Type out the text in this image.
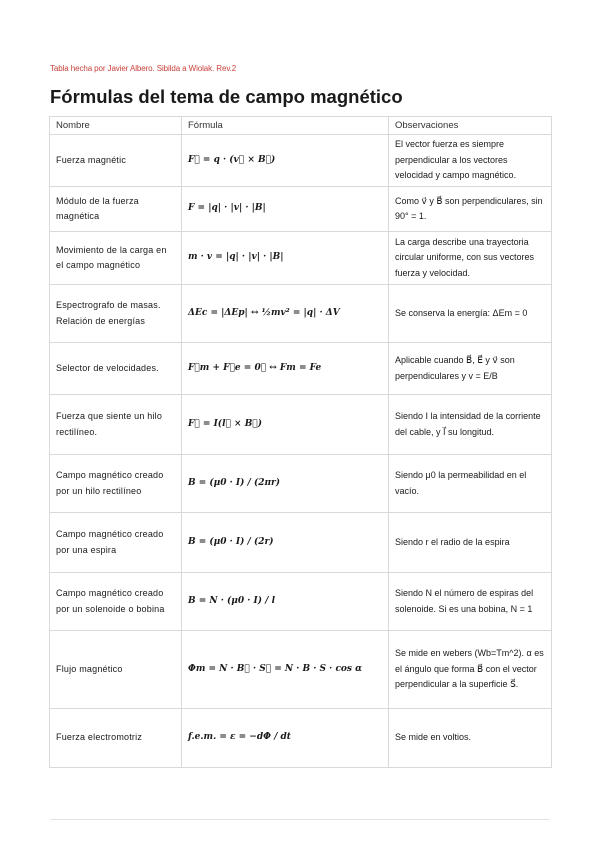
Tabla hecha por Javier Albero. Sibilda a Wiolak. Rev.2
Fórmulas del tema de campo magnético
Nombre	Fórmula	Observaciones
Fuerza magnétic	F⃗ = q · (v⃗ × B⃗)	El vector fuerza es siempre perpendicular a los vectores velocidad y campo magnético.
Módulo de la fuerza magnética	F = |q| · |v| · |B|	Como v⃗ y B⃗ son perpendiculares, sin 90° = 1.
Movimiento de la carga en el campo magnético	m · v = |q| · |v| · |B|	La carga describe una trayectoria circular uniforme, con sus vectores fuerza y velocidad.
Espectrografo de masas. Relación de energías	ΔEc = |ΔEp| ↔ ½mv² = |q| · ΔV	Se conserva la energía: ΔEm = 0
Selector de velocidades.	F⃗m + F⃗e = 0⃗ ↔ Fm = Fe	Aplicable cuando B⃗, E⃗ y v⃗ son perpendiculares y v = E/B
Fuerza que siente un hilo rectilíneo.	F⃗ = I(l⃗ × B⃗)	Siendo I la intensidad de la corriente del cable, y l⃗ su longitud.
Campo magnético creado por un hilo rectilíneo	B = (μ0 · I) / (2πr)	Siendo μ0 la permeabilidad en el vacío.
Campo magnético creado por una espira	B = (μ0 · I) / (2r)	Siendo r el radio de la espira
Campo magnético creado por un solenoide o bobina	B = N · (μ0 · I) / l	Siendo N el número de espiras del solenoide. Si es una bobina, N = 1
Flujo magnético	Φm = N · B⃗ · S⃗ = N · B · S · cos α	Se mide en webers (Wb=Tm^2). α es el ángulo que forma B⃗ con el vector perpendicular a la superficie S⃗.
Fuerza electromotriz	f.e.m. = ε = −dΦ / dt	Se mide en voltios.
